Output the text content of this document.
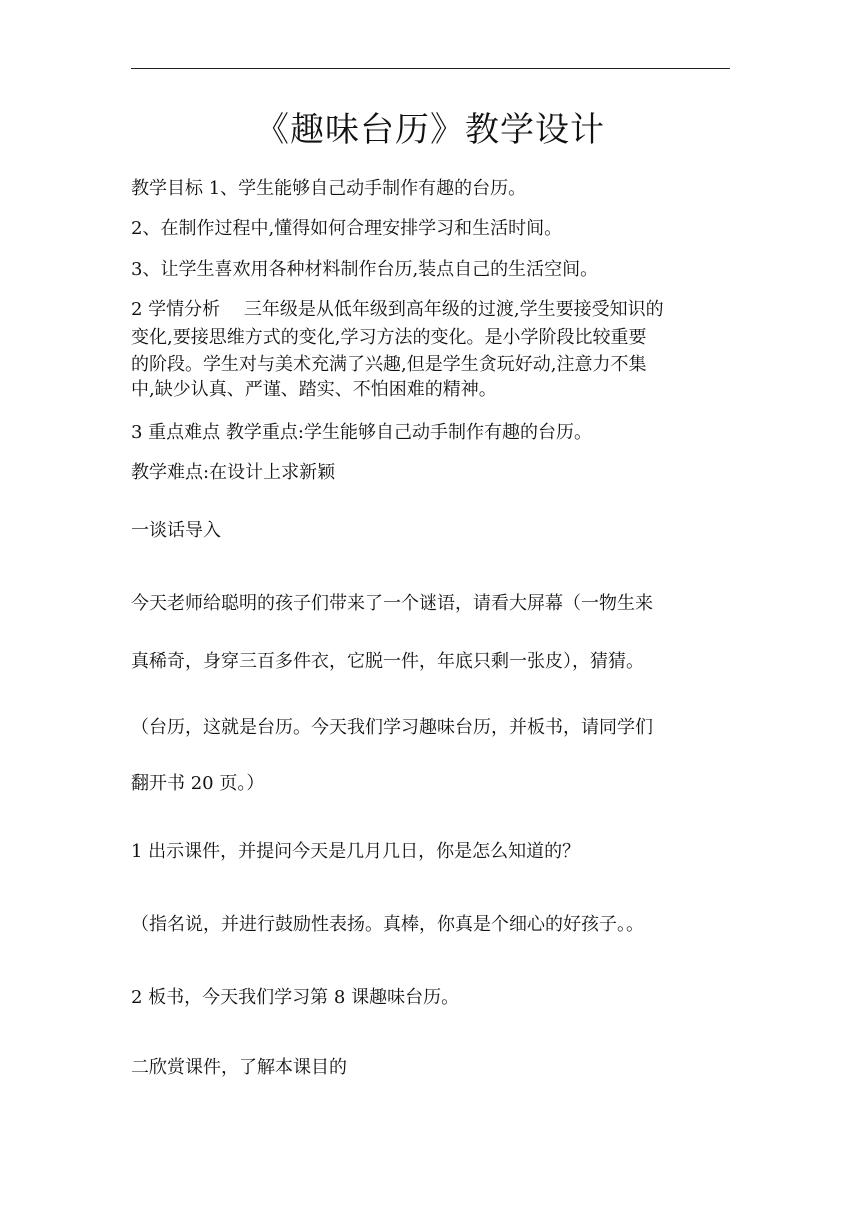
《趣味台历》教学设计
教学目标 1、学生能够自己动手制作有趣的台历。
2、在制作过程中,懂得如何合理安排学习和生活时间。
3、让学生喜欢用各种材料制作台历,装点自己的生活空间。
2 学情分析　 三年级是从低年级到高年级的过渡,学生要接受知识的
变化,要接思维方式的变化,学习方法的变化。是小学阶段比较重要
的阶段。学生对与美术充满了兴趣,但是学生贪玩好动,注意力不集
中,缺少认真、严谨、踏实、不怕困难的精神。
3 重点难点 教学重点:学生能够自己动手制作有趣的台历。
教学难点:在设计上求新颖
一谈话导入
今天老师给聪明的孩子们带来了一个谜语，请看大屏幕（一物生来
真稀奇，身穿三百多件衣，它脱一件，年底只剩一张皮），猜猜。
（台历，这就是台历。今天我们学习趣味台历，并板书，请同学们
翻开书 20 页。）
1 出示课件，并提问今天是几月几日，你是怎么知道的？
（指名说，并进行鼓励性表扬。真棒，你真是个细心的好孩子。。
2 板书，今天我们学习第 8 课趣味台历。
二欣赏课件，了解本课目的
